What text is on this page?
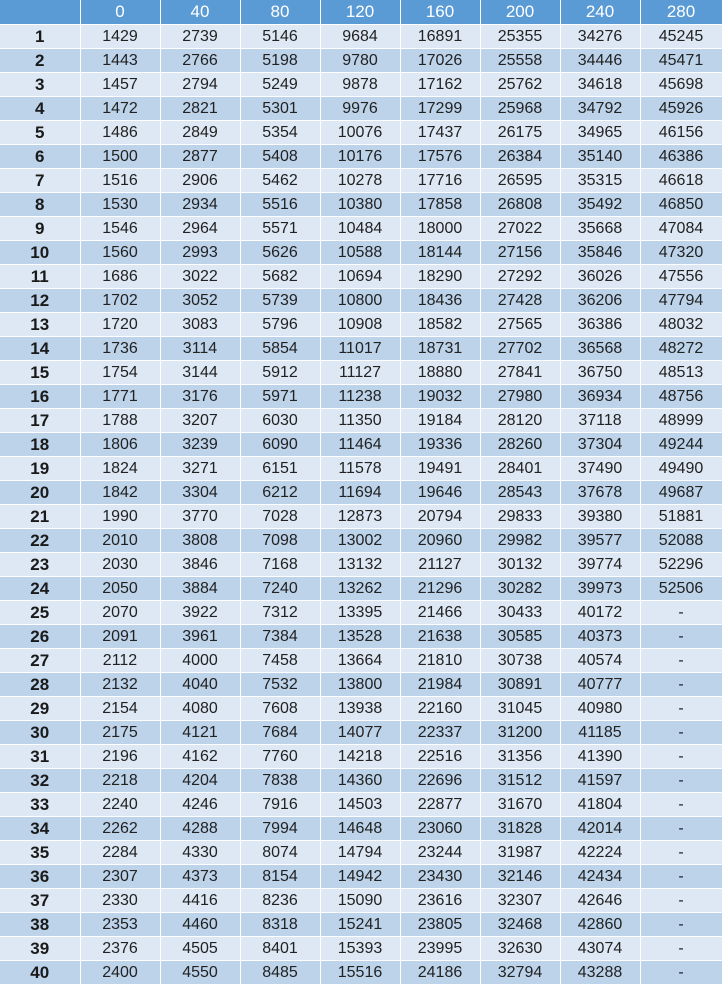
	0	40	80	120	160	200	240	280
1	1429	2739	5146	9684	16891	25355	34276	45245
2	1443	2766	5198	9780	17026	25558	34446	45471
3	1457	2794	5249	9878	17162	25762	34618	45698
4	1472	2821	5301	9976	17299	25968	34792	45926
5	1486	2849	5354	10076	17437	26175	34965	46156
6	1500	2877	5408	10176	17576	26384	35140	46386
7	1516	2906	5462	10278	17716	26595	35315	46618
8	1530	2934	5516	10380	17858	26808	35492	46850
9	1546	2964	5571	10484	18000	27022	35668	47084
10	1560	2993	5626	10588	18144	27156	35846	47320
11	1686	3022	5682	10694	18290	27292	36026	47556
12	1702	3052	5739	10800	18436	27428	36206	47794
13	1720	3083	5796	10908	18582	27565	36386	48032
14	1736	3114	5854	11017	18731	27702	36568	48272
15	1754	3144	5912	11127	18880	27841	36750	48513
16	1771	3176	5971	11238	19032	27980	36934	48756
17	1788	3207	6030	11350	19184	28120	37118	48999
18	1806	3239	6090	11464	19336	28260	37304	49244
19	1824	3271	6151	11578	19491	28401	37490	49490
20	1842	3304	6212	11694	19646	28543	37678	49687
21	1990	3770	7028	12873	20794	29833	39380	51881
22	2010	3808	7098	13002	20960	29982	39577	52088
23	2030	3846	7168	13132	21127	30132	39774	52296
24	2050	3884	7240	13262	21296	30282	39973	52506
25	2070	3922	7312	13395	21466	30433	40172	-
26	2091	3961	7384	13528	21638	30585	40373	-
27	2112	4000	7458	13664	21810	30738	40574	-
28	2132	4040	7532	13800	21984	30891	40777	-
29	2154	4080	7608	13938	22160	31045	40980	-
30	2175	4121	7684	14077	22337	31200	41185	-
31	2196	4162	7760	14218	22516	31356	41390	-
32	2218	4204	7838	14360	22696	31512	41597	-
33	2240	4246	7916	14503	22877	31670	41804	-
34	2262	4288	7994	14648	23060	31828	42014	-
35	2284	4330	8074	14794	23244	31987	42224	-
36	2307	4373	8154	14942	23430	32146	42434	-
37	2330	4416	8236	15090	23616	32307	42646	-
38	2353	4460	8318	15241	23805	32468	42860	-
39	2376	4505	8401	15393	23995	32630	43074	-
40	2400	4550	8485	15516	24186	32794	43288	-
